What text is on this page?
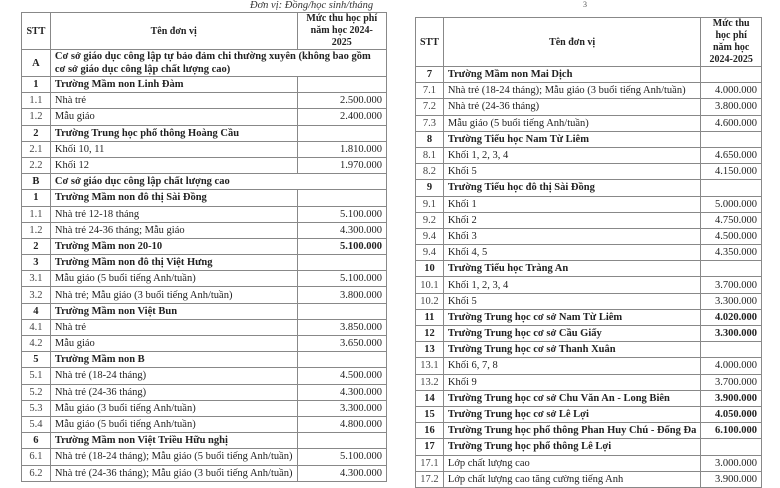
Đơn vị: Đồng/học sinh/tháng	3
STT	Tên đơn vị	Mức thu học phí năm học 2024-2025
A	Cơ sở giáo dục công lập tự bảo đảm chi thường xuyên (không bao gồm cơ sở giáo dục công lập chất lượng cao)	
1	Trường Mầm non Linh Đàm	
1.1	Nhà trẻ	2.500.000
1.2	Mẫu giáo	2.400.000
2	Trường Trung học phổ thông Hoàng Cầu	
2.1	Khối 10, 11	1.810.000
2.2	Khối 12	1.970.000
B	Cơ sở giáo dục công lập chất lượng cao	
1	Trường Mầm non đô thị Sài Đồng	
1.1	Nhà trẻ 12-18 tháng	5.100.000
1.2	Nhà trẻ 24-36 tháng; Mẫu giáo	4.300.000
2	Trường Mầm non 20-10	5.100.000
3	Trường Mầm non đô thị Việt Hưng	
3.1	Mẫu giáo (5 buổi tiếng Anh/tuần)	5.100.000
3.2	Nhà trẻ; Mẫu giáo (3 buổi tiếng Anh/tuần)	3.800.000
4	Trường Mầm non Việt Bun	
4.1	Nhà trẻ	3.850.000
4.2	Mẫu giáo	3.650.000
5	Trường Mầm non B	
5.1	Nhà trẻ (18-24 tháng)	4.500.000
5.2	Nhà trẻ (24-36 tháng)	4.300.000
5.3	Mẫu giáo (3 buổi tiếng Anh/tuần)	3.300.000
5.4	Mẫu giáo (5 buổi tiếng Anh/tuần)	4.800.000
6	Trường Mầm non Việt Triều Hữu nghị	
6.1	Nhà trẻ (18-24 tháng); Mẫu giáo (5 buổi tiếng Anh/tuần)	5.100.000
6.2	Nhà trẻ (24-36 tháng); Mẫu giáo (3 buổi tiếng Anh/tuần)	4.300.000
STT	Tên đơn vị	Mức thu học phí năm học 2024-2025
7	Trường Mầm non Mai Dịch	
7.1	Nhà trẻ (18-24 tháng); Mẫu giáo (3 buổi tiếng Anh/tuần)	4.000.000
7.2	Nhà trẻ (24-36 tháng)	3.800.000
7.3	Mẫu giáo (5 buổi tiếng Anh/tuần)	4.600.000
8	Trường Tiểu học Nam Từ Liêm	
8.1	Khối 1, 2, 3, 4	4.650.000
8.2	Khối 5	4.150.000
9	Trường Tiểu học đô thị Sài Đồng	
9.1	Khối 1	5.000.000
9.2	Khối 2	4.750.000
9.4	Khối 3	4.500.000
9.4	Khối 4, 5	4.350.000
10	Trường Tiểu học Tràng An	
10.1	Khối 1, 2, 3, 4	3.700.000
10.2	Khối 5	3.300.000
11	Trường Trung học cơ sở Nam Từ Liêm	4.020.000
12	Trường Trung học cơ sở Cầu Giấy	3.300.000
13	Trường Trung học cơ sở Thanh Xuân	
13.1	Khối 6, 7, 8	4.000.000
13.2	Khối 9	3.700.000
14	Trường Trung học cơ sở Chu Văn An - Long Biên	3.900.000
15	Trường Trung học cơ sở Lê Lợi	4.050.000
16	Trường Trung học phổ thông Phan Huy Chú - Đống Đa	6.100.000
17	Trường Trung học phổ thông Lê Lợi	
17.1	Lớp chất lượng cao	3.000.000
17.2	Lớp chất lượng cao tăng cường tiếng Anh	3.900.000
